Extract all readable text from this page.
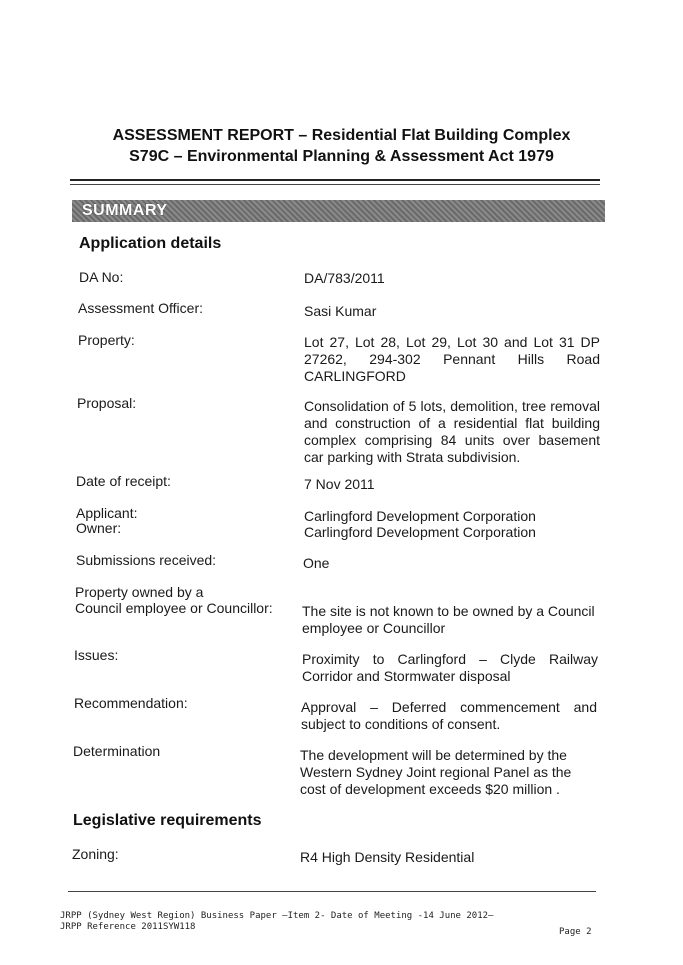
ASSESSMENT REPORT – Residential Flat Building Complex
S79C – Environmental Planning & Assessment Act 1979
SUMMARY
Application details
DA No:	DA/783/2011
Assessment Officer:	Sasi Kumar
Property:	Lot 27, Lot 28, Lot 29, Lot 30 and Lot 31 DP 27262, 294-302 Pennant Hills Road CARLINGFORD
Proposal:	Consolidation of 5 lots, demolition, tree removal and construction of a residential flat building complex comprising 84 units over basement car parking with Strata subdivision.
Date of receipt:	7 Nov 2011
Applicant:	Carlingford Development Corporation
Owner:	Carlingford Development Corporation
Submissions received:	One
Property owned by a
Council employee or Councillor: The site is not known to be owned by a Council employee or Councillor
Issues:	Proximity to Carlingford – Clyde Railway Corridor and Stormwater disposal
Recommendation:	Approval – Deferred commencement and subject to conditions of consent.
Determination	The development will be determined by the Western Sydney Joint regional Panel as the cost of development exceeds $20 million .
Legislative requirements
Zoning:	R4 High Density Residential
JRPP (Sydney West Region) Business Paper –Item 2- Date of Meeting -14 June 2012–
JRPP Reference 2011SYW118	Page 2
